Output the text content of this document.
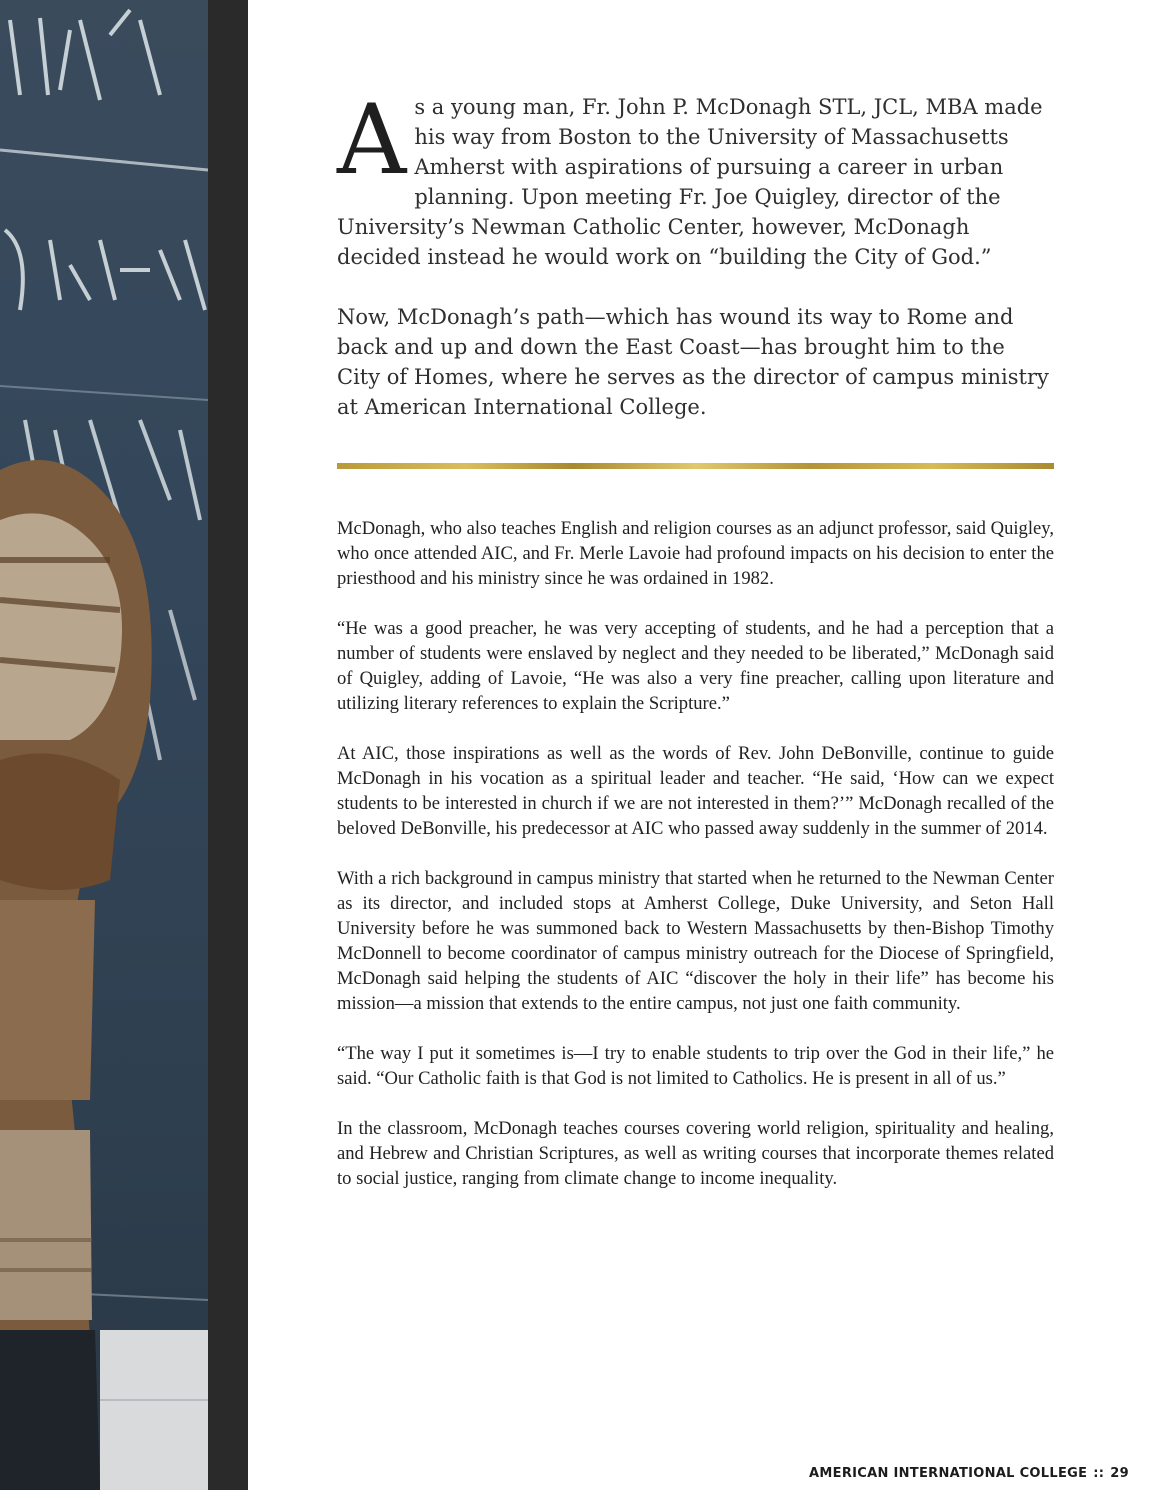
As a young man, Fr. John P. McDonagh STL, JCL, MBA made his way from Boston to the University of Massachusetts Amherst with aspirations of pursuing a career in urban planning. Upon meeting Fr. Joe Quigley, director of the University’s Newman Catholic Center, however, McDonagh decided instead he would work on “building the City of God.”

Now, McDonagh’s path—which has wound its way to Rome and back and up and down the East Coast—has brought him to the City of Homes, where he serves as the director of campus ministry at American International College.

McDonagh, who also teaches English and religion courses as an adjunct professor, said Quigley, who once attended AIC, and Fr. Merle Lavoie had profound impacts on his decision to enter the priesthood and his ministry since he was ordained in 1982.

“He was a good preacher, he was very accepting of students, and he had a perception that a number of students were enslaved by neglect and they needed to be liberated,” McDonagh said of Quigley, adding of Lavoie, “He was also a very fine preacher, calling upon literature and utilizing literary references to explain the Scripture.”

At AIC, those inspirations as well as the words of Rev. John DeBonville, continue to guide McDonagh in his vocation as a spiritual leader and teacher. “He said, ‘How can we expect students to be interested in church if we are not interested in them?’” McDonagh recalled of the beloved DeBonville, his predecessor at AIC who passed away suddenly in the summer of 2014.

With a rich background in campus ministry that started when he returned to the Newman Center as its director, and included stops at Amherst College, Duke University, and Seton Hall University before he was summoned back to Western Massachusetts by then-Bishop Timothy McDonnell to become coordinator of campus ministry outreach for the Diocese of Springfield, McDonagh said helping the students of AIC “discover the holy in their life” has become his mission—a mission that extends to the entire campus, not just one faith community.

“The way I put it sometimes is—I try to enable students to trip over the God in their life,” he said. “Our Catholic faith is that God is not limited to Catholics. He is present in all of us.”

In the classroom, McDonagh teaches courses covering world religion, spirituality and healing, and Hebrew and Christian Scriptures, as well as writing courses that incorporate themes related to social justice, ranging from climate change to income inequality.

AMERICAN INTERNATIONAL COLLEGE :: 29
